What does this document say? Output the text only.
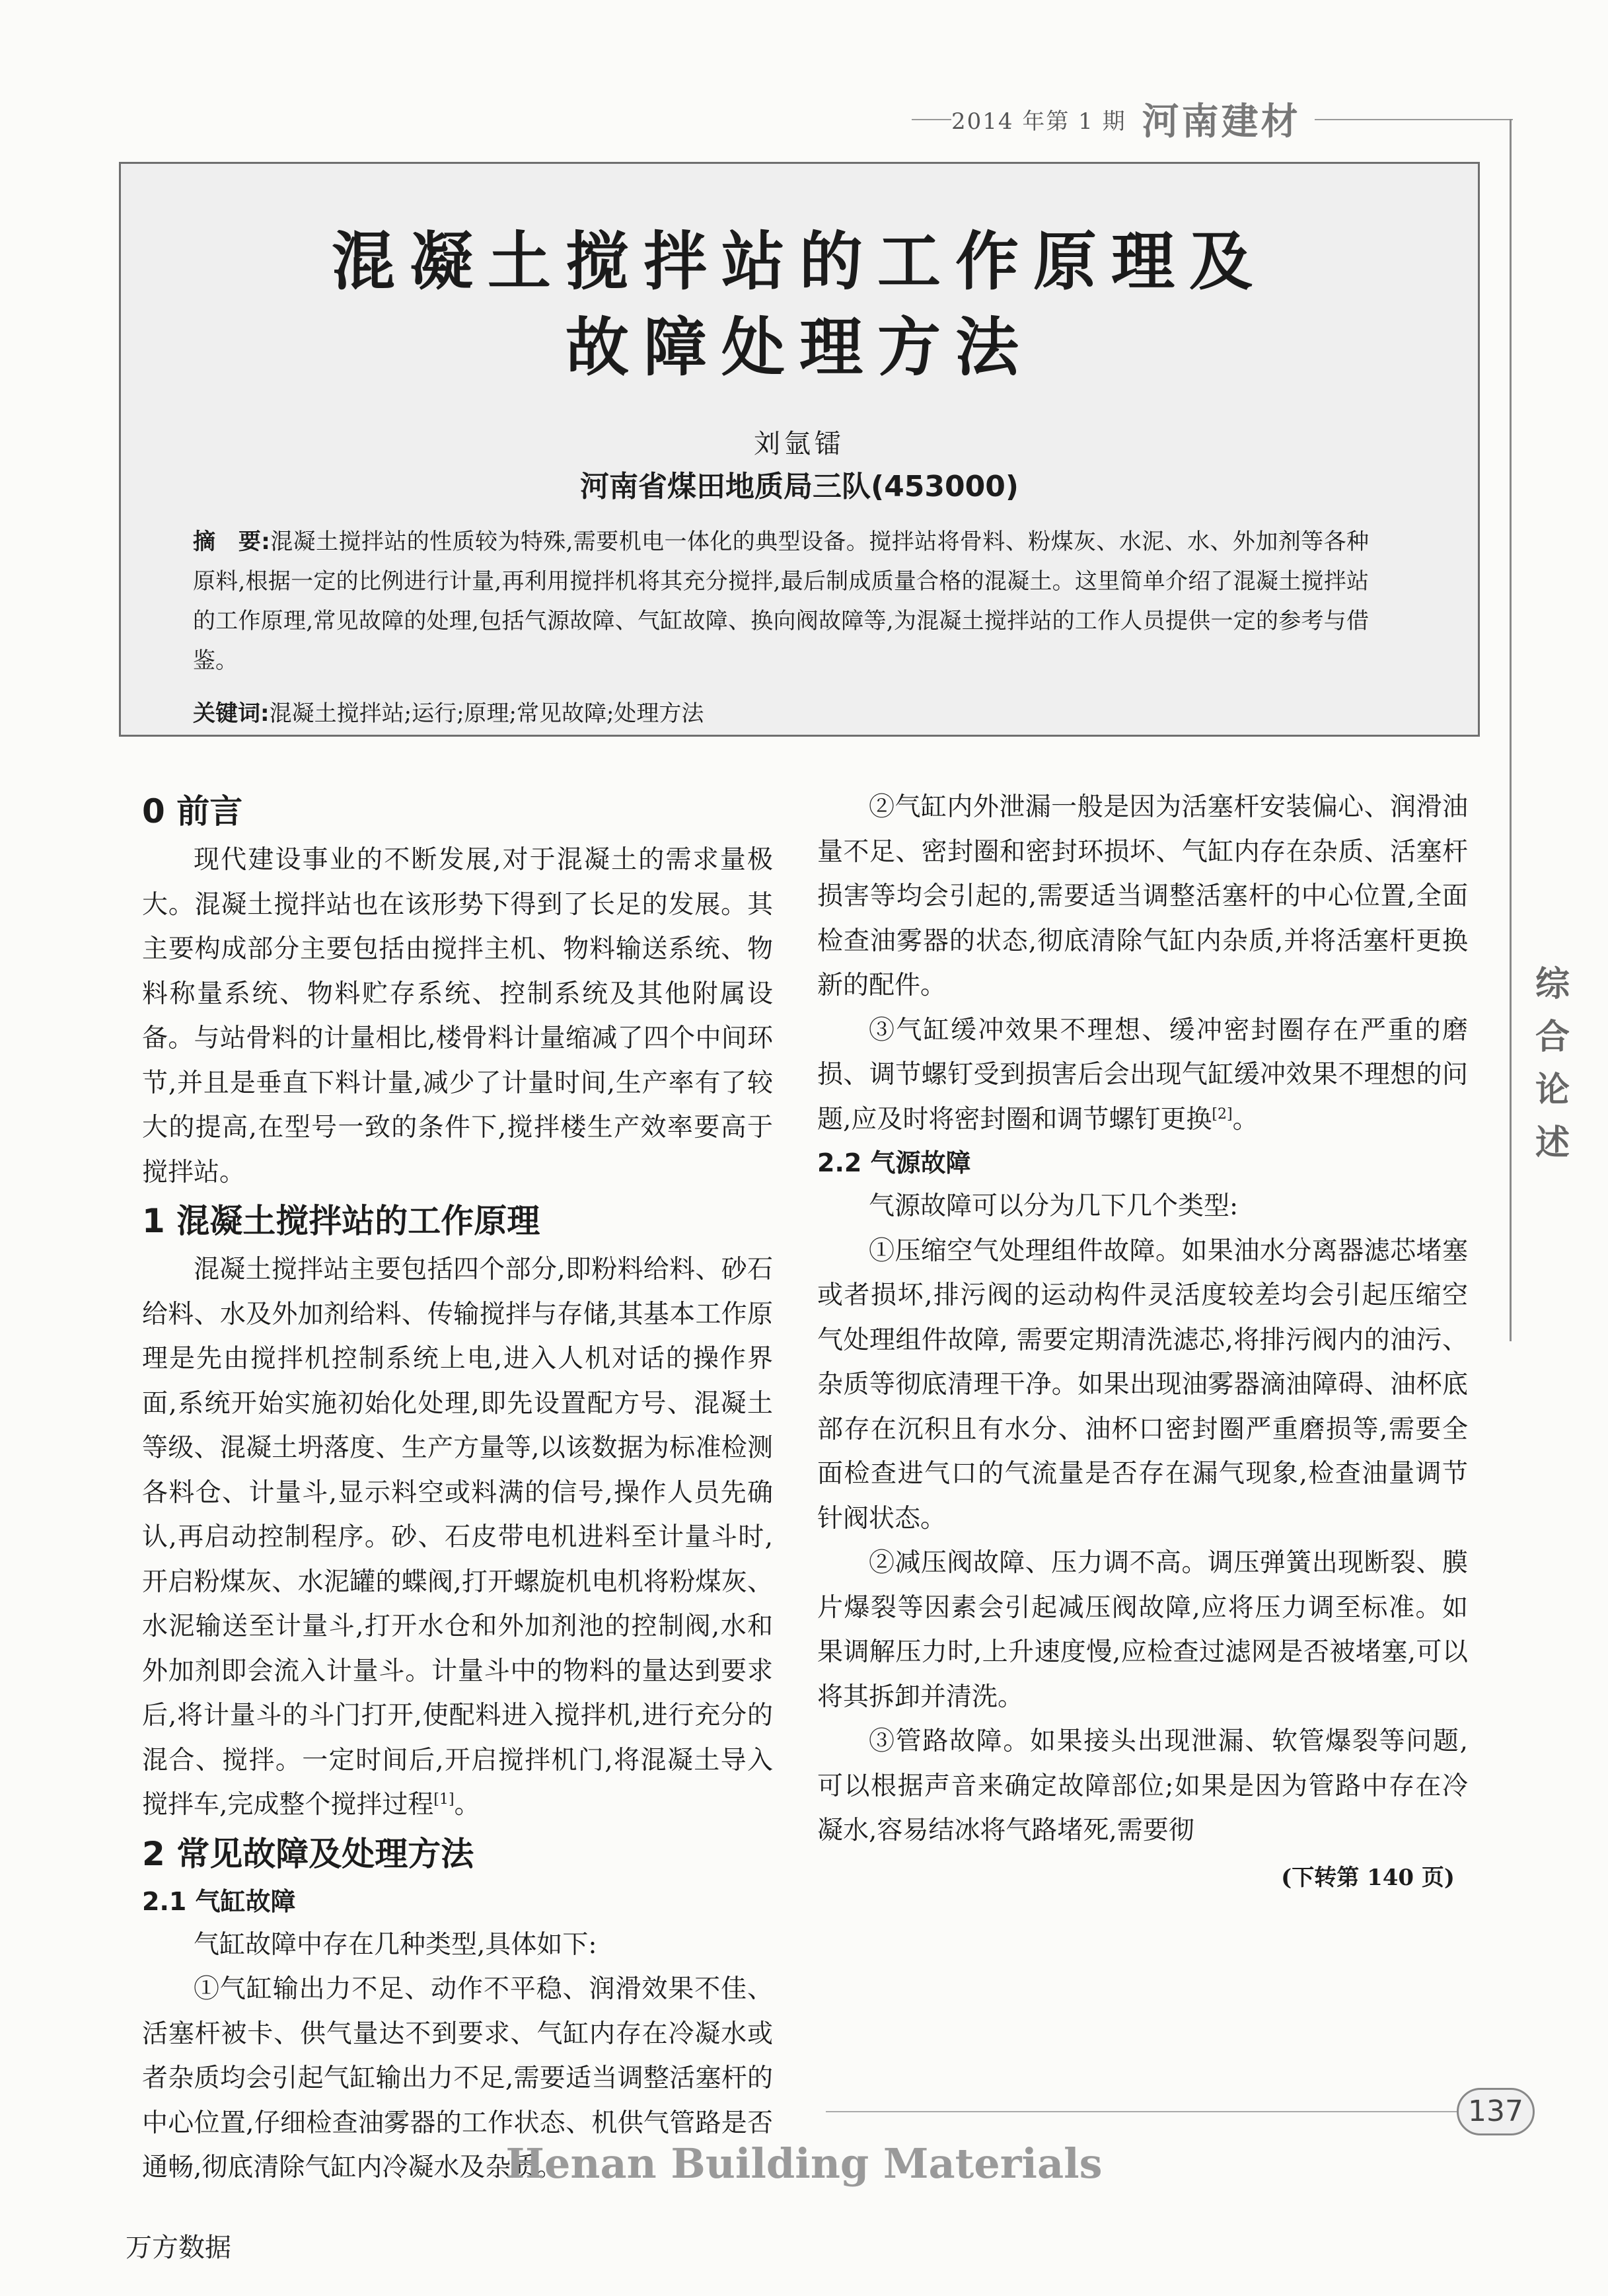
2014 年第 1 期 河南建材
混凝土搅拌站的工作原理及
故障处理方法
刘氩镭
河南省煤田地质局三队(453000)
摘　要:混凝土搅拌站的性质较为特殊,需要机电一体化的典型设备。搅拌站将骨料、粉煤灰、水泥、水、外加剂等各种原料,根据一定的比例进行计量,再利用搅拌机将其充分搅拌,最后制成质量合格的混凝土。这里简单介绍了混凝土搅拌站的工作原理,常见故障的处理,包括气源故障、气缸故障、换向阀故障等,为混凝土搅拌站的工作人员提供一定的参考与借鉴。
关键词:混凝土搅拌站;运行;原理;常见故障;处理方法
0 前言

现代建设事业的不断发展,对于混凝土的需求量极大。混凝土搅拌站也在该形势下得到了长足的发展。其主要构成部分主要包括由搅拌主机、物料输送系统、物料称量系统、物料贮存系统、控制系统及其他附属设备。与站骨料的计量相比,楼骨料计量缩减了四个中间环节,并且是垂直下料计量,减少了计量时间,生产率有了较大的提高,在型号一致的条件下,搅拌楼生产效率要高于搅拌站。

1 混凝土搅拌站的工作原理

混凝土搅拌站主要包括四个部分,即粉料给料、砂石给料、水及外加剂给料、传输搅拌与存储,其基本工作原理是先由搅拌机控制系统上电,进入人机对话的操作界面,系统开始实施初始化处理,即先设置配方号、混凝土等级、混凝土坍落度、生产方量等,以该数据为标准检测各料仓、计量斗,显示料空或料满的信号,操作人员先确认,再启动控制程序。砂、石皮带电机进料至计量斗时,开启粉煤灰、水泥罐的蝶阀,打开螺旋机电机将粉煤灰、水泥输送至计量斗,打开水仓和外加剂池的控制阀,水和外加剂即会流入计量斗。计量斗中的物料的量达到要求后,将计量斗的斗门打开,使配料进入搅拌机,进行充分的混合、搅拌。一定时间后,开启搅拌机门,将混凝土导入搅拌车,完成整个搅拌过程[1]。

2 常见故障及处理方法
2.1 气缸故障

气缸故障中存在几种类型,具体如下:

①气缸输出力不足、动作不平稳、润滑效果不佳、活塞杆被卡、供气量达不到要求、气缸内存在冷凝水或者杂质均会引起气缸输出力不足,需要适当调整活塞杆的中心位置,仔细检查油雾器的工作状态、机供气管路是否通畅,彻底清除气缸内冷凝水及杂质。

②气缸内外泄漏一般是因为活塞杆安装偏心、润滑油量不足、密封圈和密封环损坏、气缸内存在杂质、活塞杆损害等均会引起的,需要适当调整活塞杆的中心位置,全面检查油雾器的状态,彻底清除气缸内杂质,并将活塞杆更换新的配件。

③气缸缓冲效果不理想、缓冲密封圈存在严重的磨损、调节螺钉受到损害后会出现气缸缓冲效果不理想的问题,应及时将密封圈和调节螺钉更换[2]。

2.2 气源故障

气源故障可以分为几下几个类型:

①压缩空气处理组件故障。如果油水分离器滤芯堵塞或者损坏,排污阀的运动构件灵活度较差均会引起压缩空气处理组件故障, 需要定期清洗滤芯,将排污阀内的油污、杂质等彻底清理干净。如果出现油雾器滴油障碍、油杯底部存在沉积且有水分、油杯口密封圈严重磨损等,需要全面检查进气口的气流量是否存在漏气现象,检查油量调节针阀状态。

②减压阀故障、压力调不高。调压弹簧出现断裂、膜片爆裂等因素会引起减压阀故障,应将压力调至标准。如果调解压力时,上升速度慢,应检查过滤网是否被堵塞,可以将其拆卸并清洗。

③管路故障。如果接头出现泄漏、软管爆裂等问题,可以根据声音来确定故障部位;如果是因为管路中存在冷凝水,容易结冰将气路堵死,需要彻

(下转第 140 页)
综
合
论
述
137
Henan Building Materials
万方数据
